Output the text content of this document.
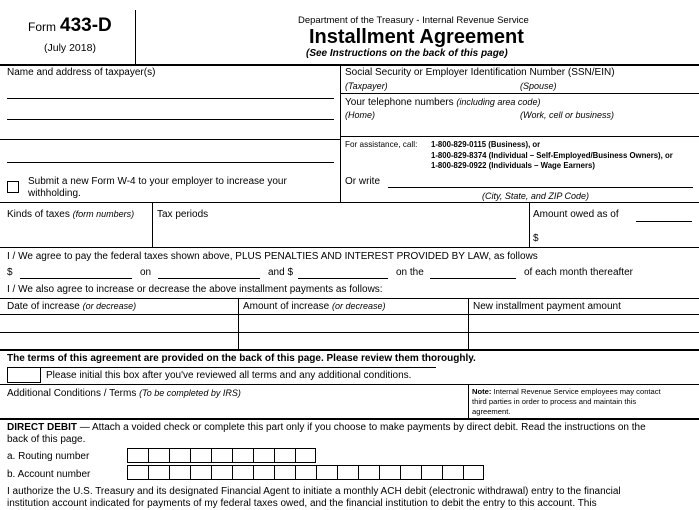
Form 433-D
(July 2018)
Department of the Treasury - Internal Revenue Service
Installment Agreement
(See Instructions on the back of this page)
Name and address of taxpayer(s)
Submit a new Form W-4 to your employer to increase your
withholding.
Social Security or Employer Identification Number (SSN/EIN)
(Taxpayer)	(Spouse)
Your telephone numbers (including area code)
(Home)	(Work, cell or business)
For assistance, call: 1-800-829-0115 (Business), or
1-800-829-8374 (Individual – Self-Employed/Business Owners), or
1-800-829-0922 (Individuals – Wage Earners)
Or write
(City, State, and ZIP Code)
Kinds of taxes (form numbers) Tax periods	Amount owed as of
$
I / We agree to pay the federal taxes shown above, PLUS PENALTIES AND INTEREST PROVIDED BY LAW, as follows
$	on	and $	on the	of each month thereafter
I / We also agree to increase or decrease the above installment payments as follows:
Date of increase (or decrease)	Amount of increase (or decrease)	New installment payment amount
The terms of this agreement are provided on the back of this page. Please review them thoroughly.
Please initial this box after you've reviewed all terms and any additional conditions.
Additional Conditions / Terms (To be completed by IRS)	Note: Internal Revenue Service employees may contact
third parties in order to process and maintain this
agreement.
DIRECT DEBIT — Attach a voided check or complete this part only if you choose to make payments by direct debit. Read the instructions on the
back of this page.
a. Routing number
b. Account number
I authorize the U.S. Treasury and its designated Financial Agent to initiate a monthly ACH debit (electronic withdrawal) entry to the financial
institution account indicated for payments of my federal taxes owed, and the financial institution to debit the entry to this account. This
